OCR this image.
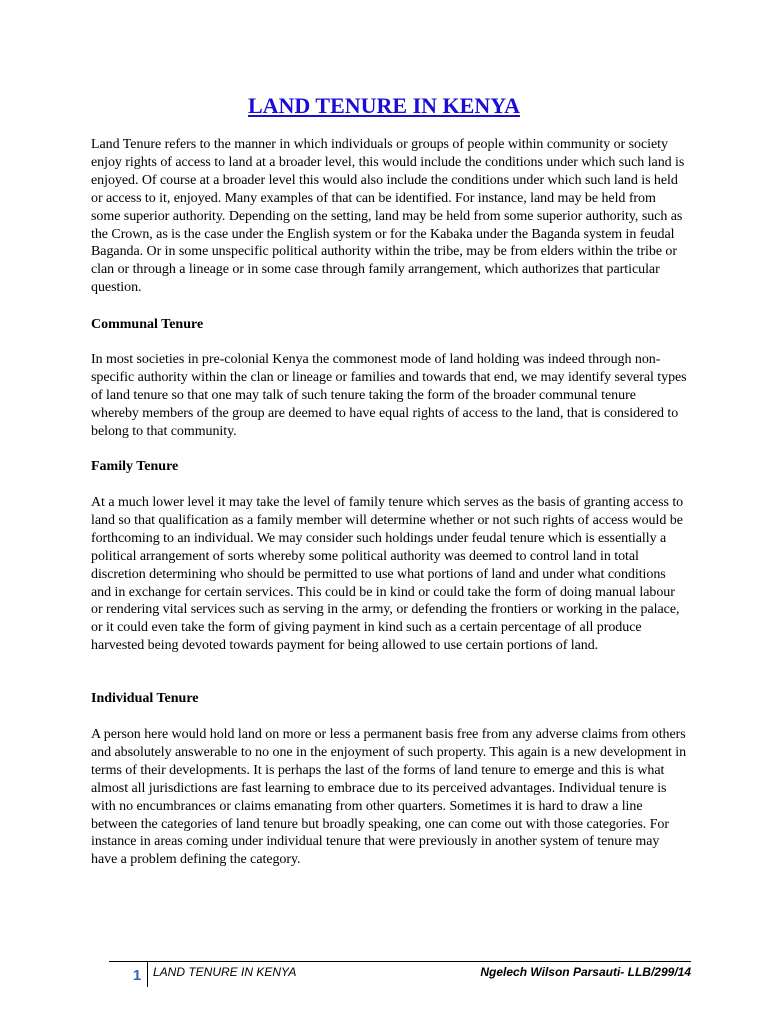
LAND TENURE IN KENYA

Land Tenure refers to the manner in which individuals or groups of people within community or society enjoy rights of access to land at a broader level, this would include the conditions under which such land is enjoyed. Of course at a broader level this would also include the conditions under which such land is held or access to it, enjoyed. Many examples of that can be identified. For instance, land may be held from some superior authority. Depending on the setting, land may be held from some superior authority, such as the Crown, as is the case under the English system or for the Kabaka under the Baganda system in feudal Baganda. Or in some unspecific political authority within the tribe, may be from elders within the tribe or clan or through a lineage or in some case through family arrangement, which authorizes that particular question.

Communal Tenure

In most societies in pre-colonial Kenya the commonest mode of land holding was indeed through non-specific authority within the clan or lineage or families and towards that end, we may identify several types of land tenure so that one may talk of such tenure taking the form of the broader communal tenure whereby members of the group are deemed to have equal rights of access to the land, that is considered to belong to that community.

Family Tenure

At a much lower level it may take the level of family tenure which serves as the basis of granting access to land so that qualification as a family member will determine whether or not such rights of access would be forthcoming to an individual. We may consider such holdings under feudal tenure which is essentially a political arrangement of sorts whereby some political authority was deemed to control land in total discretion determining who should be permitted to use what portions of land and under what conditions and in exchange for certain services. This could be in kind or could take the form of doing manual labour or rendering vital services such as serving in the army, or defending the frontiers or working in the palace, or it could even take the form of giving payment in kind such as a certain percentage of all produce harvested being devoted towards payment for being allowed to use certain portions of land.

Individual Tenure

A person here would hold land on more or less a permanent basis free from any adverse claims from others and absolutely answerable to no one in the enjoyment of such property. This again is a new development in terms of their developments. It is perhaps the last of the forms of land tenure to emerge and this is what almost all jurisdictions are fast learning to embrace due to its perceived advantages. Individual tenure is with no encumbrances or claims emanating from other quarters. Sometimes it is hard to draw a line between the categories of land tenure but broadly speaking, one can come out with those categories. For instance in areas coming under individual tenure that were previously in another system of tenure may have a problem defining the category.

1 LAND TENURE IN KENYA	Ngelech Wilson Parsauti- LLB/299/14
